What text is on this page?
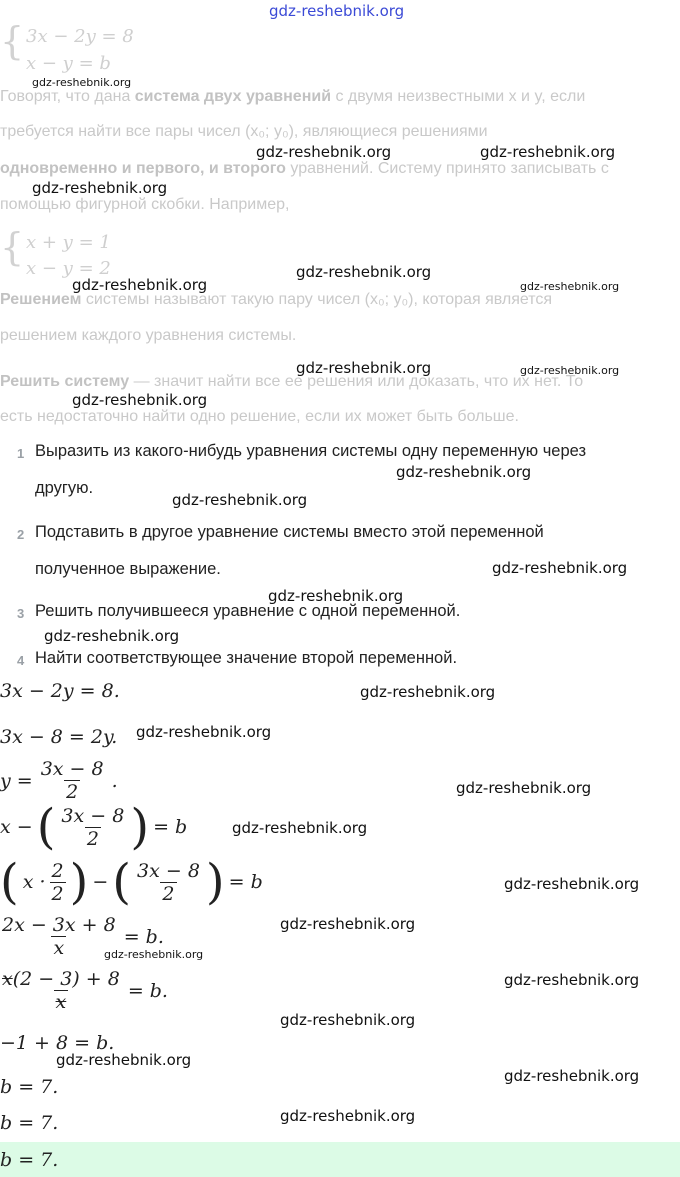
gdz-reshebnik.org
{ 3x − 2y = 8
x − y = b
gdz-reshebnik.org
Говорят, что дана система двух уравнений с двумя неизвестными x и y, если
требуется найти все пары чисел (x₀; y₀), являющиеся решениями
gdz-reshebnik.org	gdz-reshebnik.org
одновременно и первого, и второго уравнений. Систему принято записывать с
gdz-reshebnik.org
помощью фигурной скобки. Например,
{ x + y = 1
x − y = 2	gdz-reshebnik.org
gdz-reshebnik.org	gdz-reshebnik.org
Решением системы называют такую пару чисел (x₀; y₀), которая является
решением каждого уравнения системы.
gdz-reshebnik.org	gdz-reshebnik.org
Решить систему — значит найти все ее решения или доказать, что их нет. То
gdz-reshebnik.org
есть недостаточно найти одно решение, если их может быть больше.
1 Выразить из какого-нибудь уравнения системы одну переменную через
gdz-reshebnik.org
другую.
gdz-reshebnik.org
2 Подставить в другое уравнение системы вместо этой переменной
полученное выражение.	gdz-reshebnik.org
gdz-reshebnik.org
3 Решить получившееся уравнение с одной переменной.
gdz-reshebnik.org
4 Найти соответствующее значение второй переменной.
3x − 2y = 8.	gdz-reshebnik.org
3x − 8 = 2y. gdz-reshebnik.org
$y = \frac{3x - 8}{2}$ .	gdz-reshebnik.org
x − ( $\frac{3x - 8}{2}$ ) = b	gdz-reshebnik.org
( $x \cdot \frac{2}{2}$ ) − ( $\frac{3x - 8}{2}$ ) = b	gdz-reshebnik.org
$\frac{2x - 3x + 8}{x} = b$.
gdz-reshebnik.org
gdz-reshebnik.org
$\frac{x(2 - 3) + 8}{x} = b$.	gdz-reshebnik.org
gdz-reshebnik.org
−1 + 8 = b.
gdz-reshebnik.org
b = 7.	gdz-reshebnik.org
b = 7.	gdz-reshebnik.org
b = 7.
